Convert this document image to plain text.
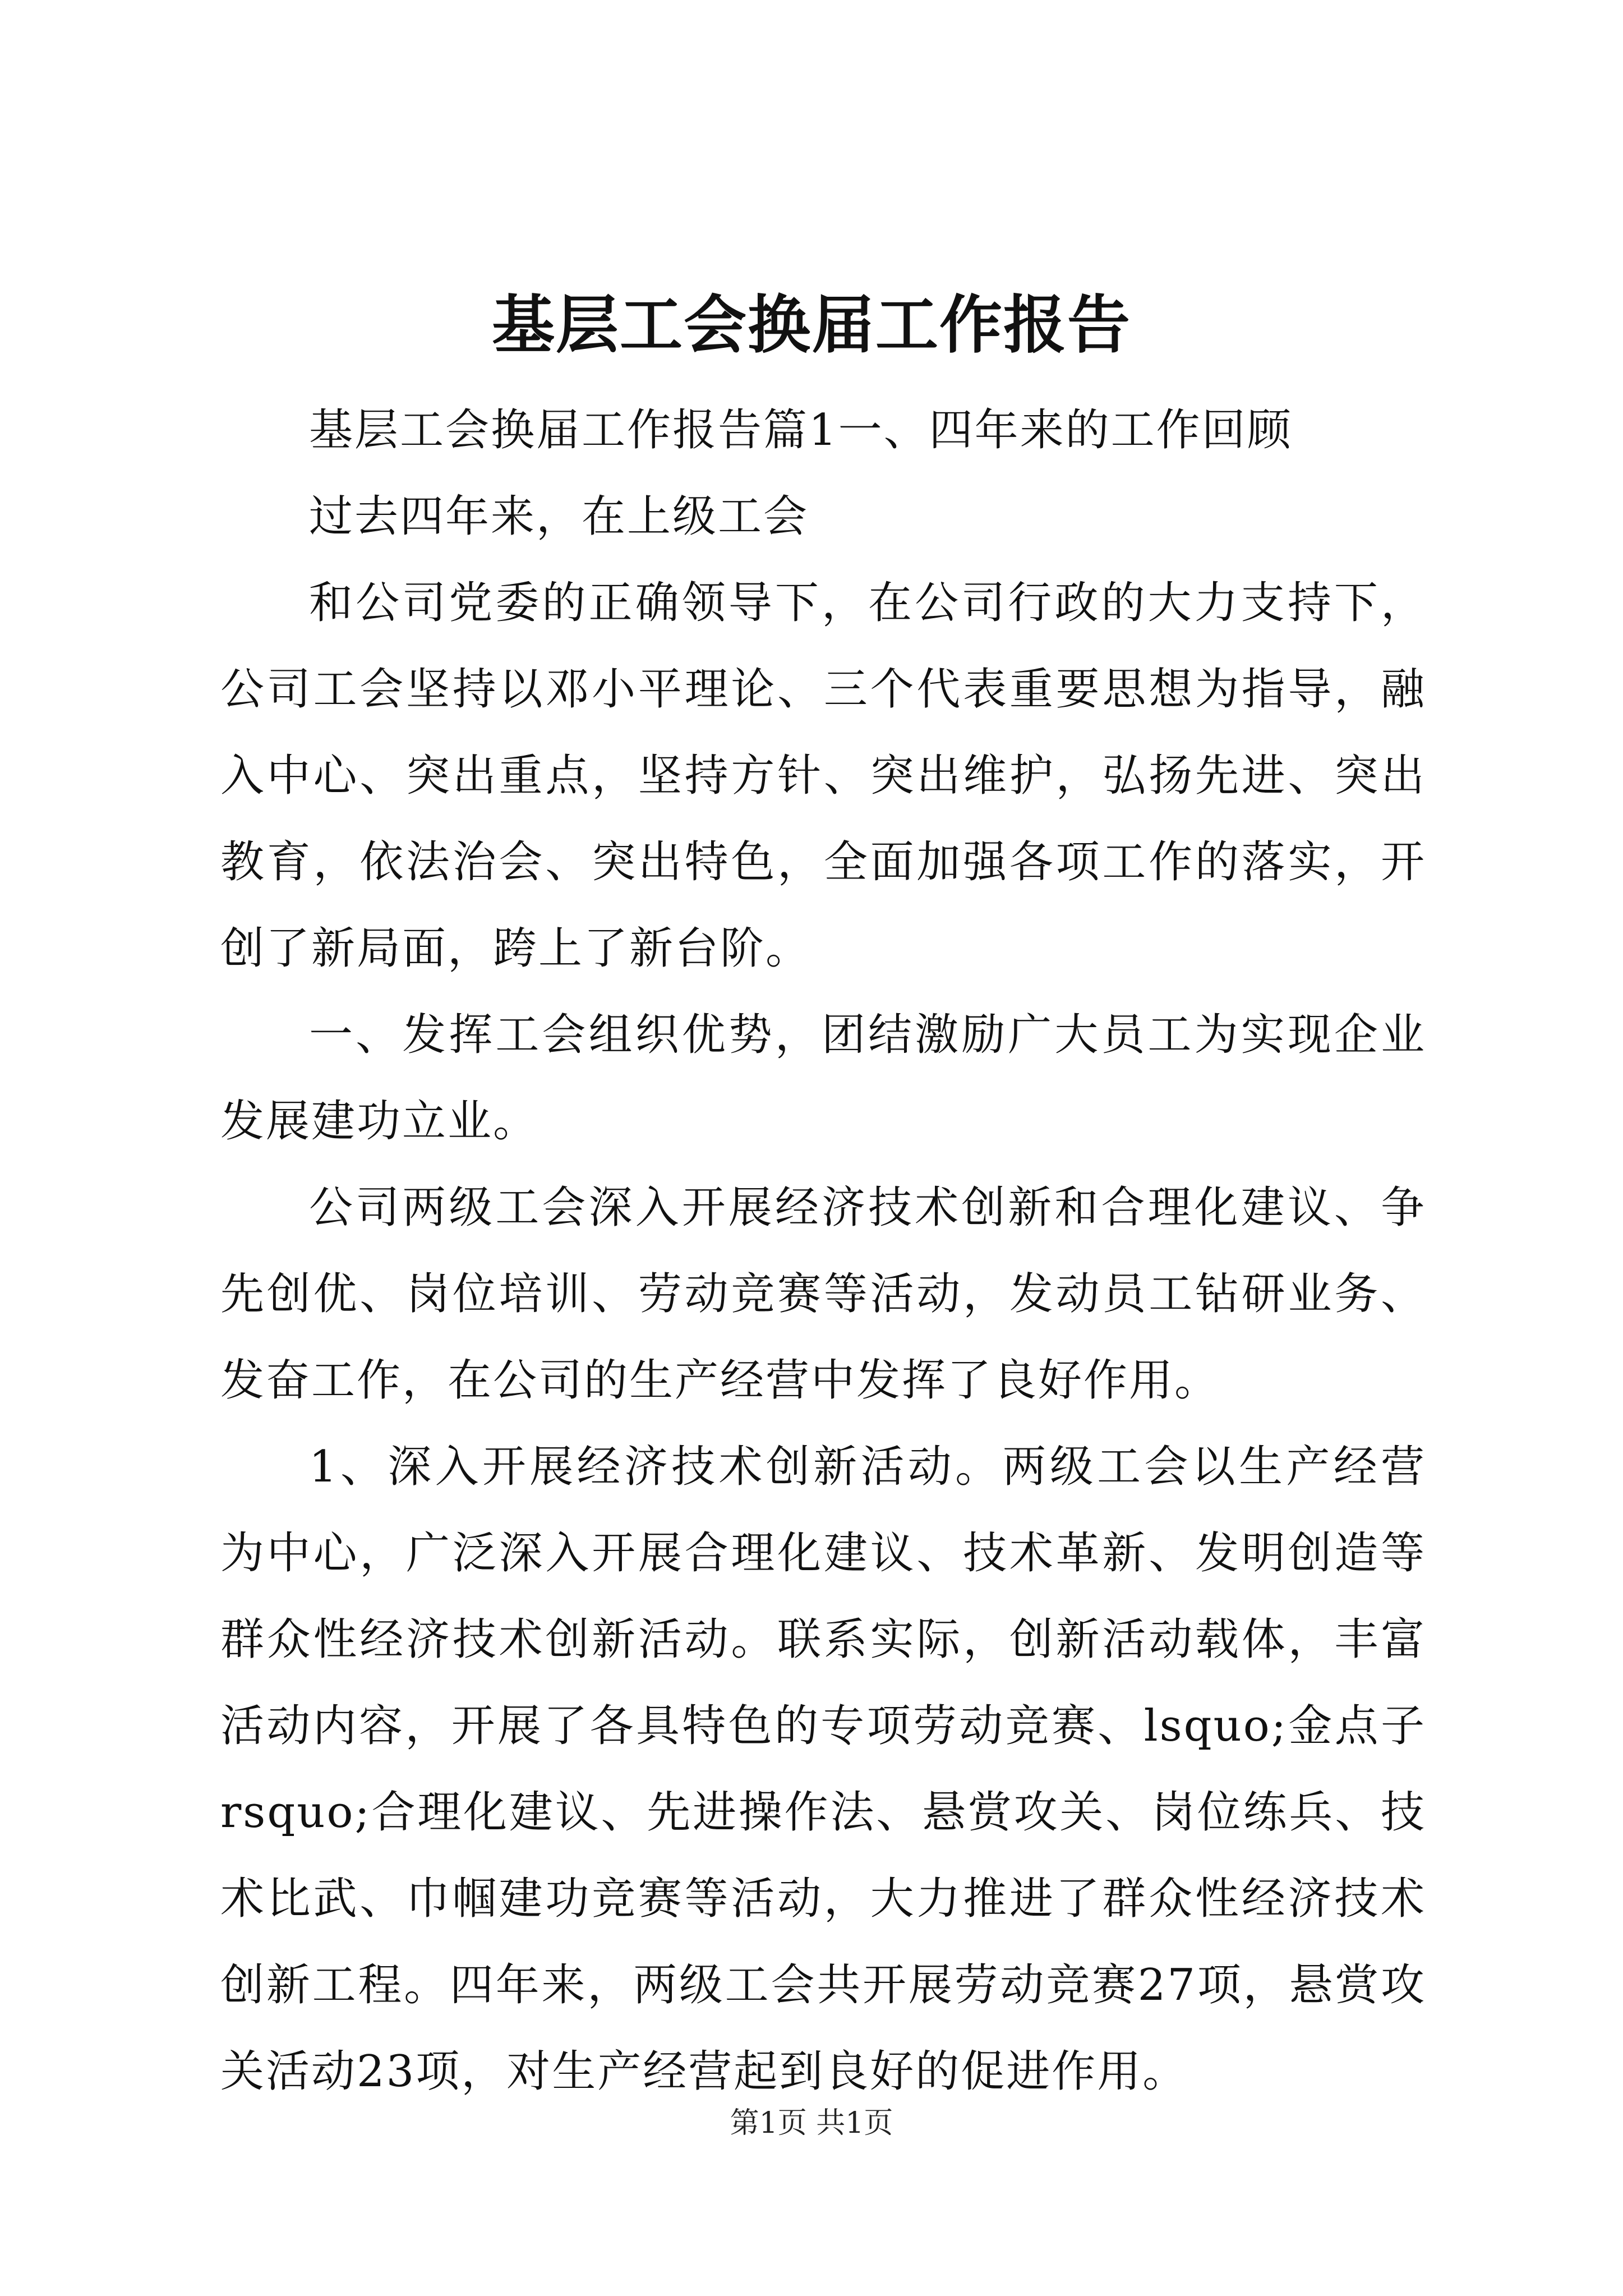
基层工会换届工作报告

基层工会换届工作报告篇1一、四年来的工作回顾

过去四年来，在上级工会

和公司党委的正确领导下，在公司行政的大力支持下，公司工会坚持以邓小平理论、三个代表重要思想为指导，融入中心、突出重点，坚持方针、突出维护，弘扬先进、突出教育，依法治会、突出特色，全面加强各项工作的落实，开创了新局面，跨上了新台阶。

一、发挥工会组织优势，团结激励广大员工为实现企业发展建功立业。

公司两级工会深入开展经济技术创新和合理化建议、争先创优、岗位培训、劳动竞赛等活动，发动员工钻研业务、发奋工作，在公司的生产经营中发挥了良好作用。

1、深入开展经济技术创新活动。两级工会以生产经营为中心，广泛深入开展合理化建议、技术革新、发明创造等群众性经济技术创新活动。联系实际，创新活动载体，丰富活动内容，开展了各具特色的专项劳动竞赛、lsquo;金点子rsquo;合理化建议、先进操作法、悬赏攻关、岗位练兵、技术比武、巾帼建功竞赛等活动，大力推进了群众性经济技术创新工程。四年来，两级工会共开展劳动竞赛27项，悬赏攻关活动23项，对生产经营起到良好的促进作用。

第1页 共1页
